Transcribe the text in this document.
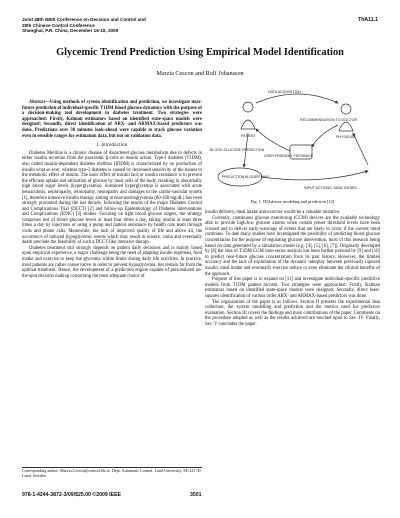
Joint 48th IEEE Conference on Decision and Control and
28th Chinese Control Conference
Shanghai, P.R. China, December 16-18, 2009
ThA11.1
Glycemic Trend Prediction Using Empirical Model Identification
Marzia Cescon and Rolf Johansson

Abstract—Using methods of system identification and prediction, we investigate near-future prediction of individual-specific T1DM blood glucose dynamics with the purpose of a decision-making tool development in diabetes treatment. Two strategies were approached: Firstly, Kalman estimators based on identified state-space models were designed; Secondly, direct identification of ARX- and ARMAX-based predictors was done. Predictions over 30 minutes look-ahead were capable to track glucose variation even in sensible ranges for estimation data, but not on validation data.

I. Introduction

Diabetes Mellitus is a chronic disease of disordered glucose metabolism due to defects in either insulin secretion from the pancreatic β-cells or insulin action. Type-I diabetes (T1DM), also called insulin-dependent diabetes mellitus (IDDM) is characterized by no production of insulin what so ever, whereas type-2 diabetes is caused by decreased sensitivity of the tissues to the metabolic effect of insulin. The basic effect of insulin lack or insulin resistance is to prevent the efficient uptake and utilization of glucose by most cells of the body, resulting in abnormally high blood sugar levels (hyperglycemia). Sustained hyperglycemia is associated with acute ketoacidosis, nephropathy, retinopathy, neuropathy and damages to the cardio-vascular system [1], therefore intensive insulin therapy aiming at near-normoglycemia (80-100 mg/dL) has been strongly promoted during the last decade, following the results of the major Diabetes Control and Complications Trial (DCCT) [2] and follow-up Epidemiology of Diabetes Interventions and Complications (EDIC) [3] studies. Focusing on tight blood glucose targets, the strategy comprises test of blood glucose levels at least four times a day, taking insulin at least three times a day by injections or using a pump and patient assistance by health care team through visits and phone calls. Meanwhile, the lack of improved quality of life and above all, the occurrence of induced hypoglycemic events which may result in seizure, coma and eventually death preclude the feasibility of such a DCCT-like intensive therapy.

Diabetes treatment still strongly depends on patient daily decisions and is mainly based upon empirical experience, a major challenge being the need of adapting insulin regimens, food intake and exercise to keep the glycemia within limits during daily life activities. In practice, most patients are rather conservative in order to prevent hypoglycemia, but remain far from the optimal treatment. Hence, the development of a prediction engine capable of personalized on-the-spot decision making concerning the most adequate choice of

DATA ACQUISITION
PATIENT	PHYSICIAN
RECOMMENDATION TO DOCTOR
USER-FRIENDLY FEEDBACK
BLOOD GLUCOSE PREDICTION
PREDICTION ALGORITHMS
INPUT ACTIONS, MEAL INTAKE...
Fig. 1. DIAdvisor modeling and prediction [12]

insulin delivery, meal intake and exercise would be a valuable initiative.

Currently, continuous glucose monitoring (CGM) devices are the available technology able to provide high/low glucose alarms when certain preset threshold levels have been crossed and to deliver early-warnings of events that are likely to occur if the current trend continues. To date many studies have investigated the possibility of predicting blood glucose concentration for the purpose of regulating glucose intervention, most of this research being based on data generated by a simulation model (e.g. [4], [5], [6], [7]). Originally developed by [8] the idea of T1DM CGM time-series analysis has been further pursued by [9] and [10] to predict near-future glucose concentration from its past history. However, the limited accuracy and the lack of exploitation of the dynamic interplay between previously injected insulin, meal intake and eventually exercise reduce or even eliminate the clinical benefits of the approach.

Purpose of this paper is to expand on [11] and investigate individual-specific predictive models from T1DM patient records. Two strategies were approached: Firstly, Kalman estimators based on identified state-space models were designed; Secondly, direct least-squares identification of various order ARX- and ARMAX-based predictors was done.

The organization of the paper is as follows. Section II presents the experimental data collection, the system modelling and prediction and the metrics used for predictors evaluation. Section III covers the findings and main contributions of the paper. Comments on the procedure adopted as well as the results achieved are touched upon in Sec. IV. Finally, Sec. V concludes the paper.

Corresponding author: Marzia.Cescon@control.lth.se, Dept. Automatic Control, Lund University, SE-221 00 Lund, Sweden
978-1-4244-3872-3/09/$25.00 ©2009 IEEE	3501
